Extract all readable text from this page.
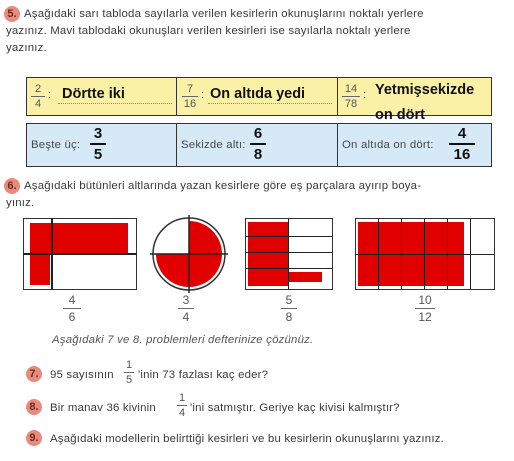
5. Aşağıdaki sarı tabloda sayılarla verilen kesirlerin okunuşlarını noktalı yerlere
yazınız. Mavi tablodaki okunuşları verilen kesirleri ise sayılarla noktalı yerlere
yazınız.
2
4
: Dörtte iki	7
16
: On altıda yedi	14
78
: Yetmişsekizde
on dört
Beşte üç:
3
5
Sekizde altı:
6
8
On altıda on dört:
4
16
6. Aşağıdaki bütünleri altlarında yazan kesirlere göre eş parçalara ayırıp boya-
yınız.
4
6
3
4
5
8
10
12
Aşağıdaki 7 ve 8. problemleri defterinize çözünüz.
7. 95 sayısının
1
5 'inin 73 fazlası kaç eder?
8. Bir manav 36 kivinin
1
4 'ini satmıştır. Geriye kaç kivisi kalmıştır?
9. Aşağıdaki modellerin belirttiği kesirleri ve bu kesirlerin okunuşlarını yazınız.
